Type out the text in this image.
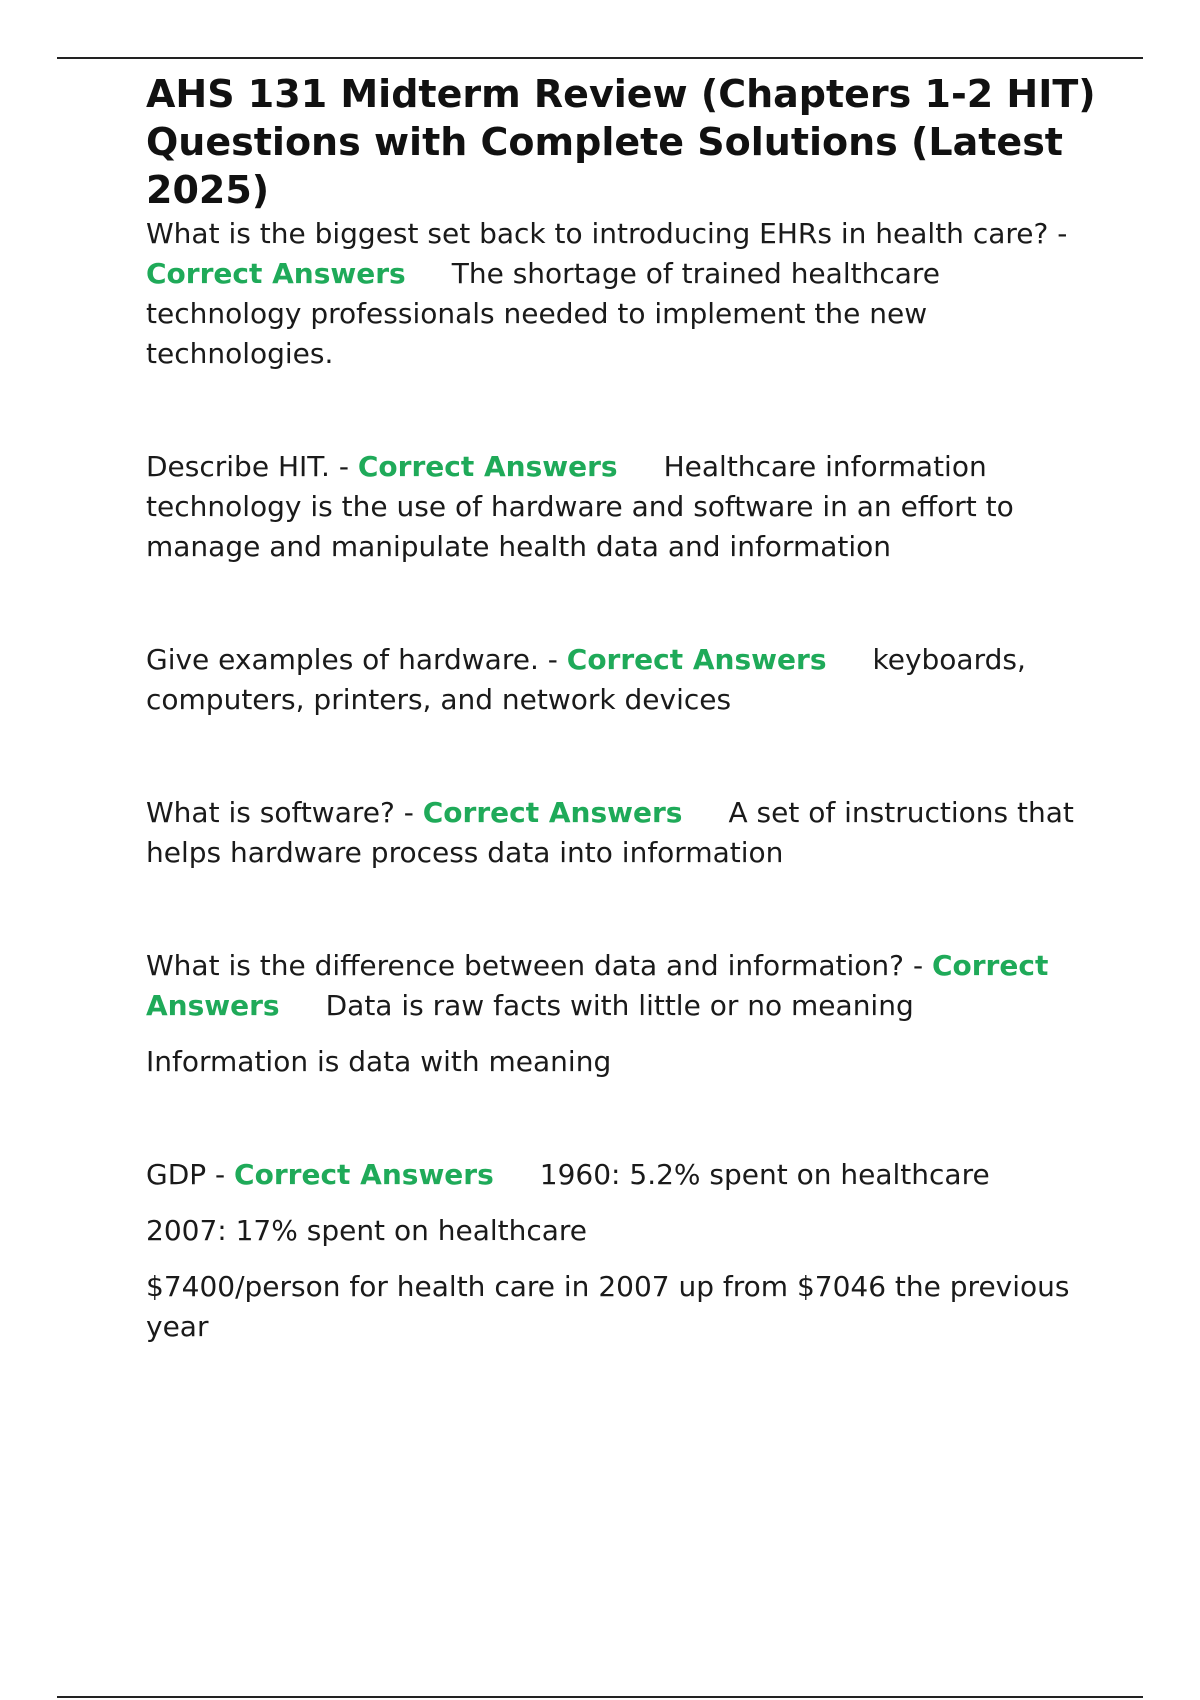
AHS 131 Midterm Review (Chapters 1-2 HIT) Questions with Complete Solutions (Latest 2025)

What is the biggest set back to introducing EHRs in health care? - Correct Answers The shortage of trained healthcare technology professionals needed to implement the new technologies.

Describe HIT. - Correct Answers Healthcare information technology is the use of hardware and software in an effort to manage and manipulate health data and information

Give examples of hardware. - Correct Answers keyboards, computers, printers, and network devices

What is software? - Correct Answers A set of instructions that helps hardware process data into information

What is the difference between data and information? - Correct Answers Data is raw facts with little or no meaning

Information is data with meaning

GDP - Correct Answers 1960: 5.2% spent on healthcare

2007: 17% spent on healthcare

$7400/person for health care in 2007 up from $7046 the previous year
